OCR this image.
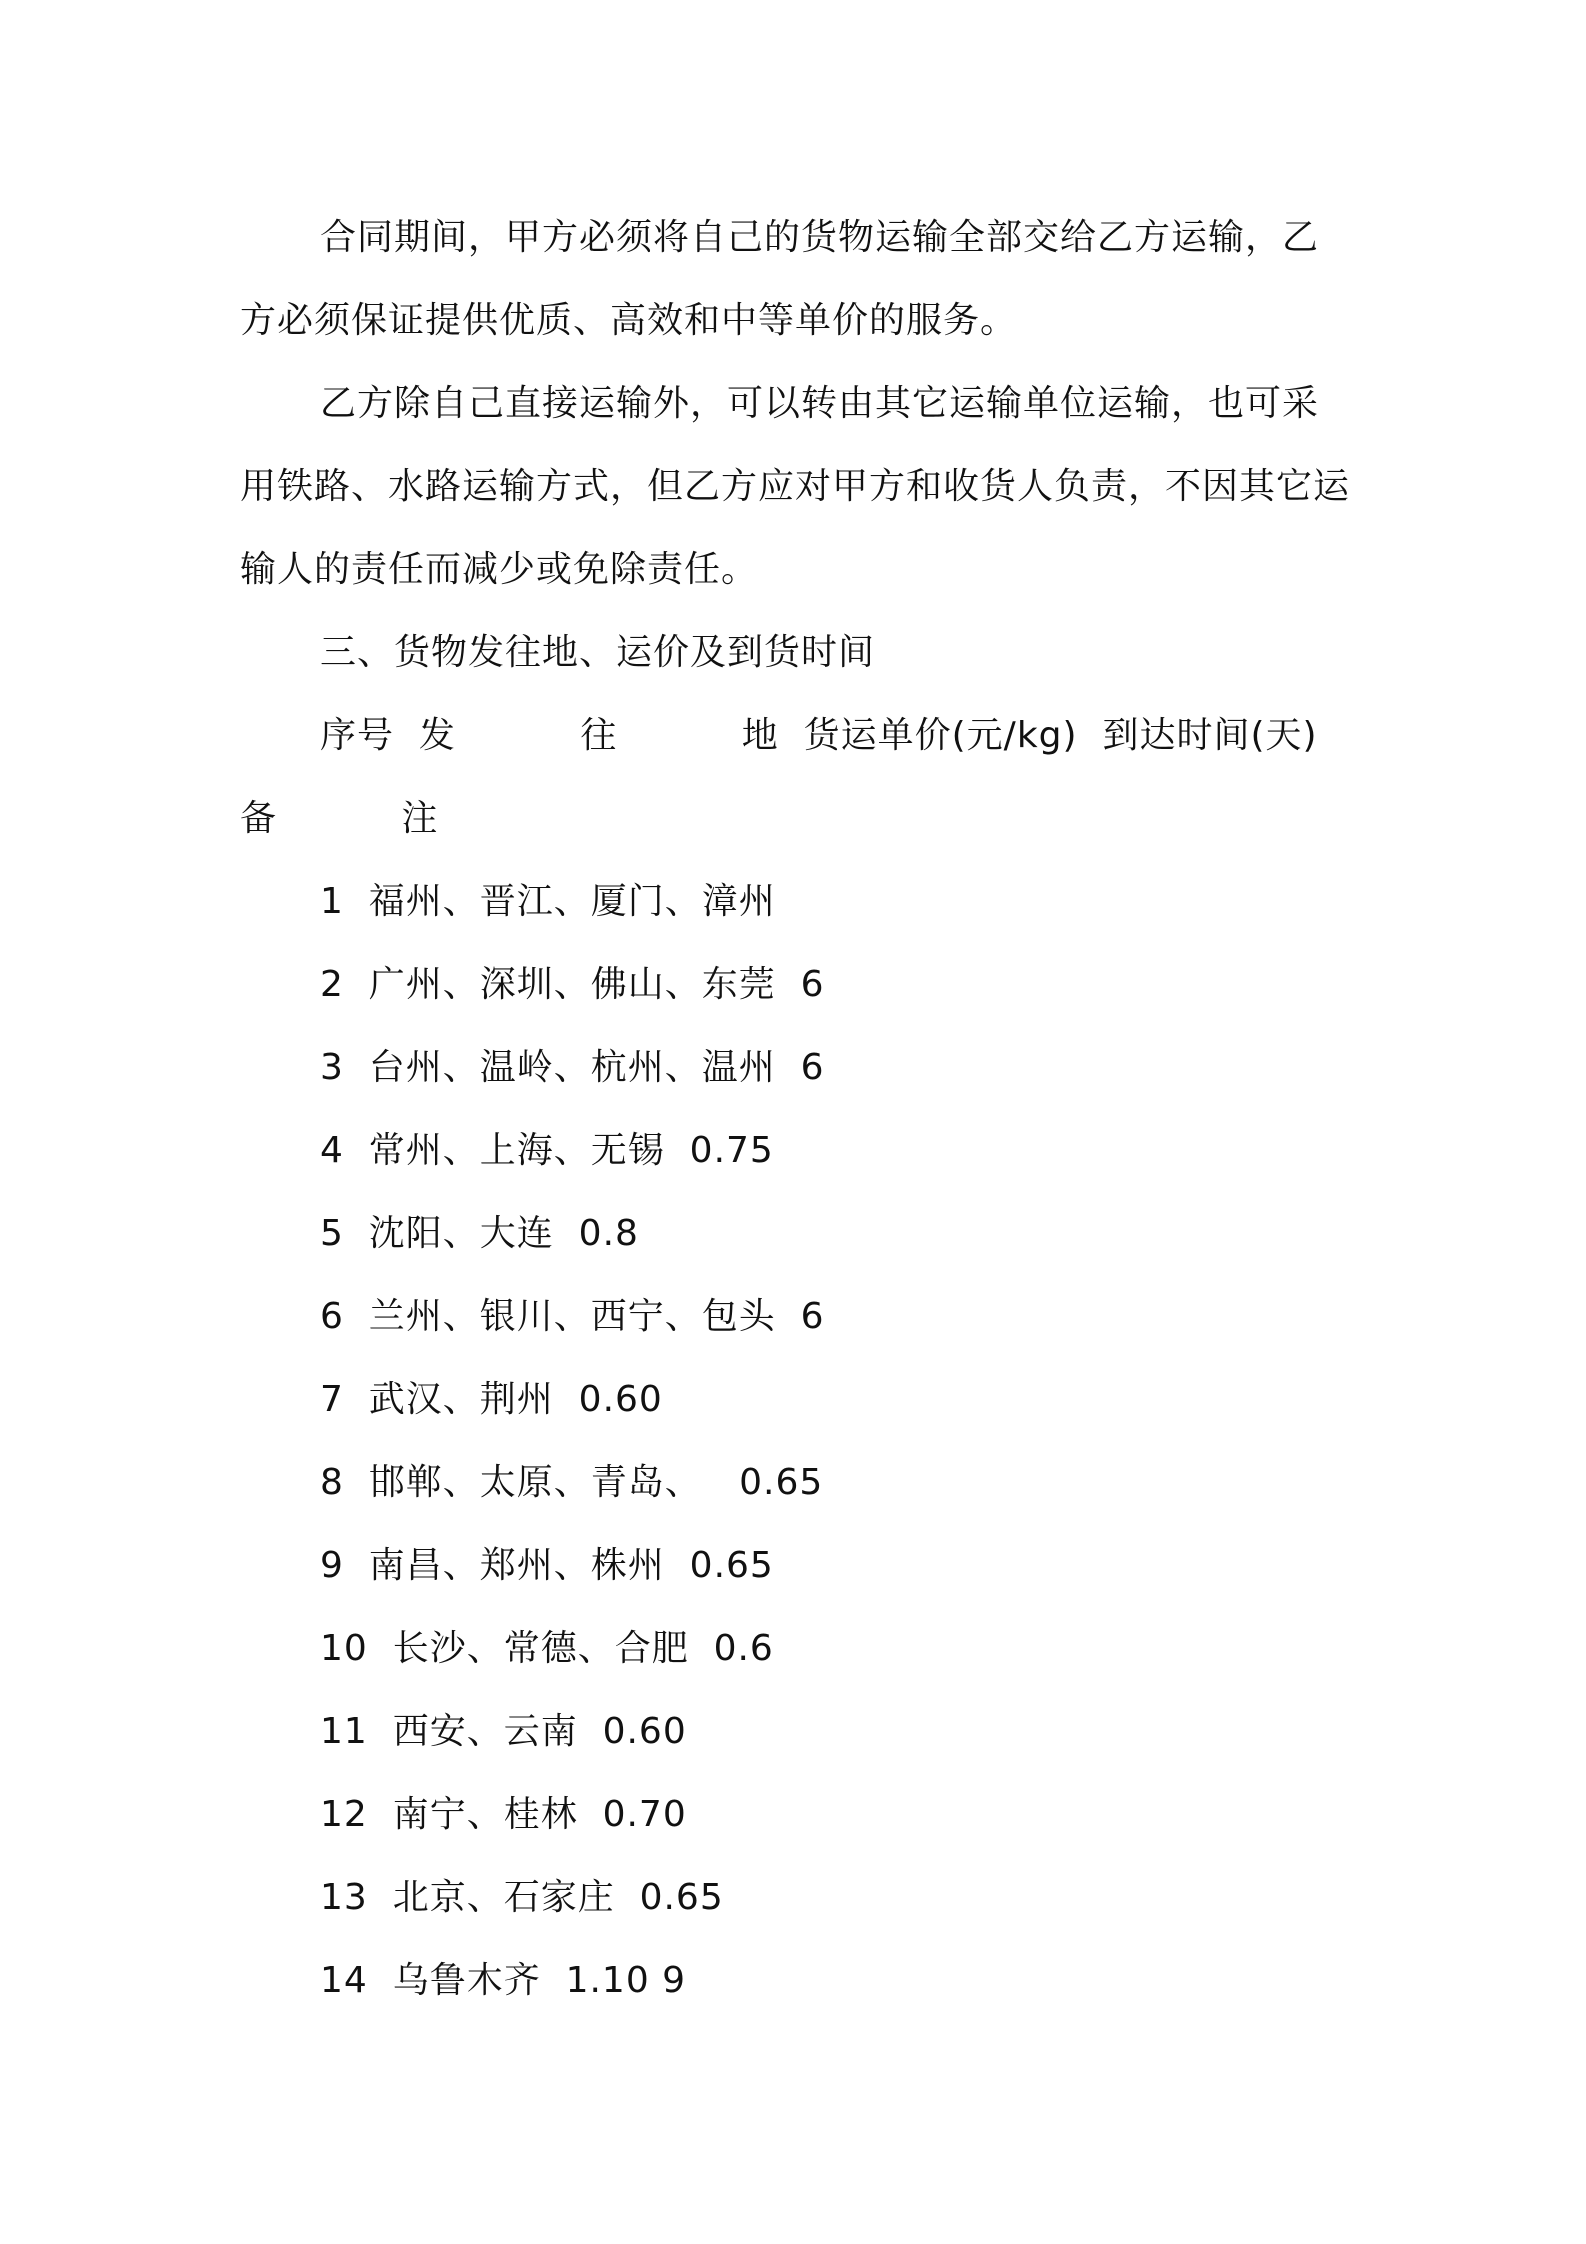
合同期间，甲方必须将自己的货物运输全部交给乙方运输，乙方必须保证提供优质、高效和中等单价的服务。

乙方除自己直接运输外，可以转由其它运输单位运输，也可采用铁路、水路运输方式，但乙方应对甲方和收货人负责，不因其它运输人的责任而减少或免除责任。

三、货物发往地、运价及到货时间

序号  发          往          地  货运单价(元/kg)  到达时间(天)

备          注

1  福州、晋江、厦门、漳州

2  广州、深圳、佛山、东莞  6

3  台州、温岭、杭州、温州  6

4  常州、上海、无锡  0.75

5  沈阳、大连  0.8

6  兰州、银川、西宁、包头  6

7  武汉、荆州  0.60

8  邯郸、太原、青岛、   0.65

9  南昌、郑州、株州  0.65

10  长沙、常德、合肥  0.6

11  西安、云南  0.60

12  南宁、桂林  0.70

13  北京、石家庄  0.65

14  乌鲁木齐  1.10 9
